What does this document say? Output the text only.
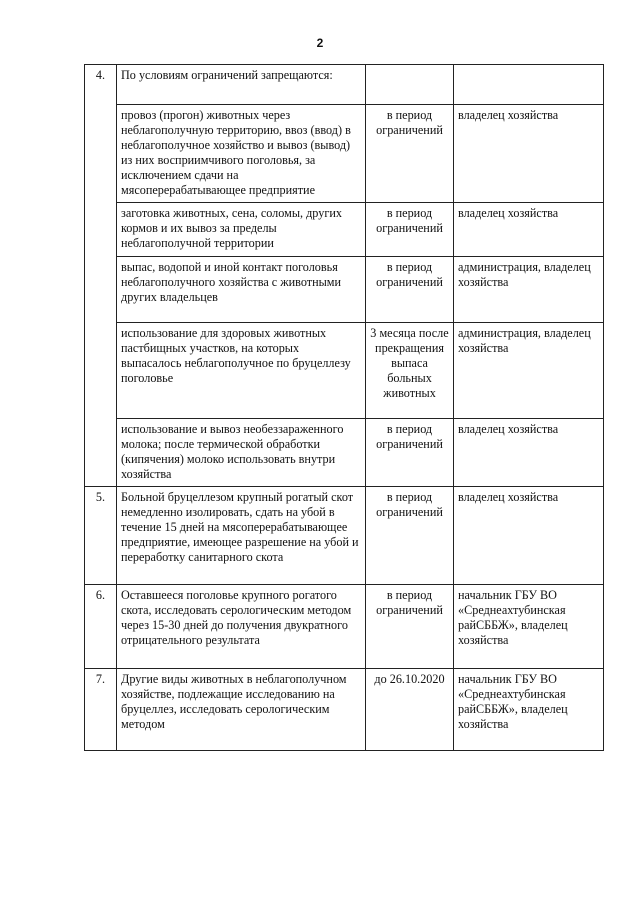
2
4.	По условиям ограничений запрещаются:		
	провоз (прогон) животных через неблагополучную территорию, ввоз (ввод) в неблагополучное хозяйство и вывоз (вывод) из них восприимчивого поголовья, за исключением сдачи на мясоперерабатывающее предприятие	в период ограничений	владелец хозяйства
	заготовка животных, сена, соломы, других кормов и их вывоз за пределы неблагополучной территории	в период ограничений	владелец хозяйства
	выпас, водопой и иной контакт поголовья неблагополучного хозяйства с животными других владельцев	в период ограничений	администрация, владелец хозяйства
	использование для здоровых животных пастбищных участков, на которых выпасалось неблагополучное по бруцеллезу поголовье	3 месяца после прекращения выпаса больных животных	администрация, владелец хозяйства
	использование и вывоз необеззараженного молока; после термической обработки (кипячения) молоко использовать внутри хозяйства	в период ограничений	владелец хозяйства
5.	Больной бруцеллезом крупный рогатый скот немедленно изолировать, сдать на убой в течение 15 дней на мясоперерабатывающее предприятие, имеющее разрешение на убой и переработку санитарного скота	в период ограничений	владелец хозяйства
6.	Оставшееся поголовье крупного рогатого скота, исследовать серологическим методом через 15-30 дней до получения двукратного отрицательного результата	в период ограничений	начальник ГБУ ВО «Среднеахтубинская райСББЖ», владелец хозяйства
7.	Другие виды животных в неблагополучном хозяйстве, подлежащие исследованию на бруцеллез, исследовать серологическим методом	до 26.10.2020	начальник ГБУ ВО «Среднеахтубинская райСББЖ», владелец хозяйства
